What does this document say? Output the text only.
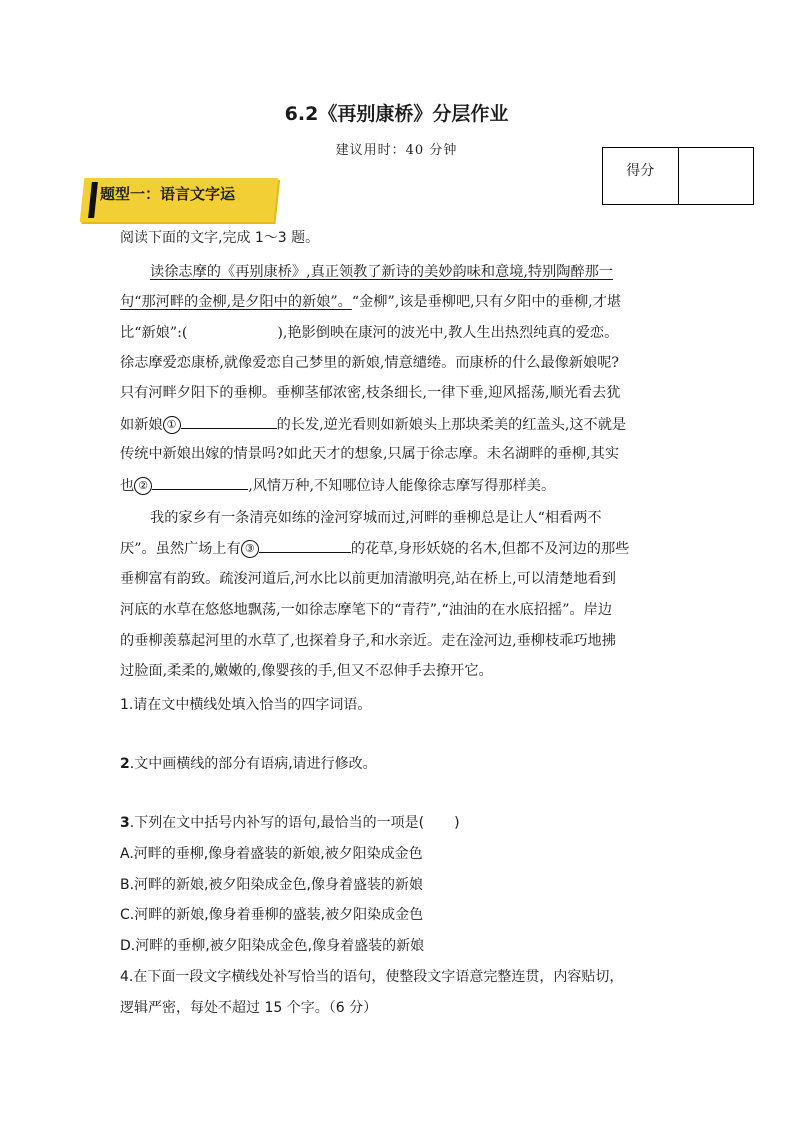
6.2《再别康桥》分层作业
建议用时：40 分钟
得分
题型一：语言文字运
阅读下面的文字,完成 1～3 题。
读徐志摩的《再别康桥》,真正领教了新诗的美妙韵味和意境,特别陶醉那一
句“那河畔的金柳,是夕阳中的新娘”。“金柳”,该是垂柳吧,只有夕阳中的垂柳,才堪
比“新娘”:(	),艳影倒映在康河的波光中,教人生出热烈纯真的爱恋。
徐志摩爱恋康桥,就像爱恋自己梦里的新娘,情意缱绻。而康桥的什么最像新娘呢?
只有河畔夕阳下的垂柳。垂柳茎郁浓密,枝条细长,一律下垂,迎风摇荡,顺光看去犹
如新娘 ①	的长发,逆光看则如新娘头上那块柔美的红盖头,这不就是
传统中新娘出嫁的情景吗?如此天才的想象,只属于徐志摩。未名湖畔的垂柳,其实
也 ②	,风情万种,不知哪位诗人能像徐志摩写得那样美。
我的家乡有一条清亮如练的淦河穿城而过,河畔的垂柳总是让人“相看两不
厌”。虽然广场上有 ③	的花草,身形妖娆的名木,但都不及河边的那些
垂柳富有韵致。疏浚河道后,河水比以前更加清澈明亮,站在桥上,可以清楚地看到
河底的水草在悠悠地飘荡,一如徐志摩笔下的“青荇”,“油油的在水底招摇”。岸边
的垂柳羡慕起河里的水草了,也探着身子,和水亲近。走在淦河边,垂柳枝乖巧地拂
过脸面,柔柔的,嫩嫩的,像婴孩的手,但又不忍伸手去撩开它。
1.请在文中横线处填入恰当的四字词语。
2.文中画横线的部分有语病,请进行修改。
3.下列在文中括号内补写的语句,最恰当的一项是( )
A.河畔的垂柳,像身着盛装的新娘,被夕阳染成金色
B.河畔的新娘,被夕阳染成金色,像身着盛装的新娘
C.河畔的新娘,像身着垂柳的盛装,被夕阳染成金色
D.河畔的垂柳,被夕阳染成金色,像身着盛装的新娘
4.在下面一段文字横线处补写恰当的语句，使整段文字语意完整连贯，内容贴切，
逻辑严密，每处不超过 15 个字。（6 分）
